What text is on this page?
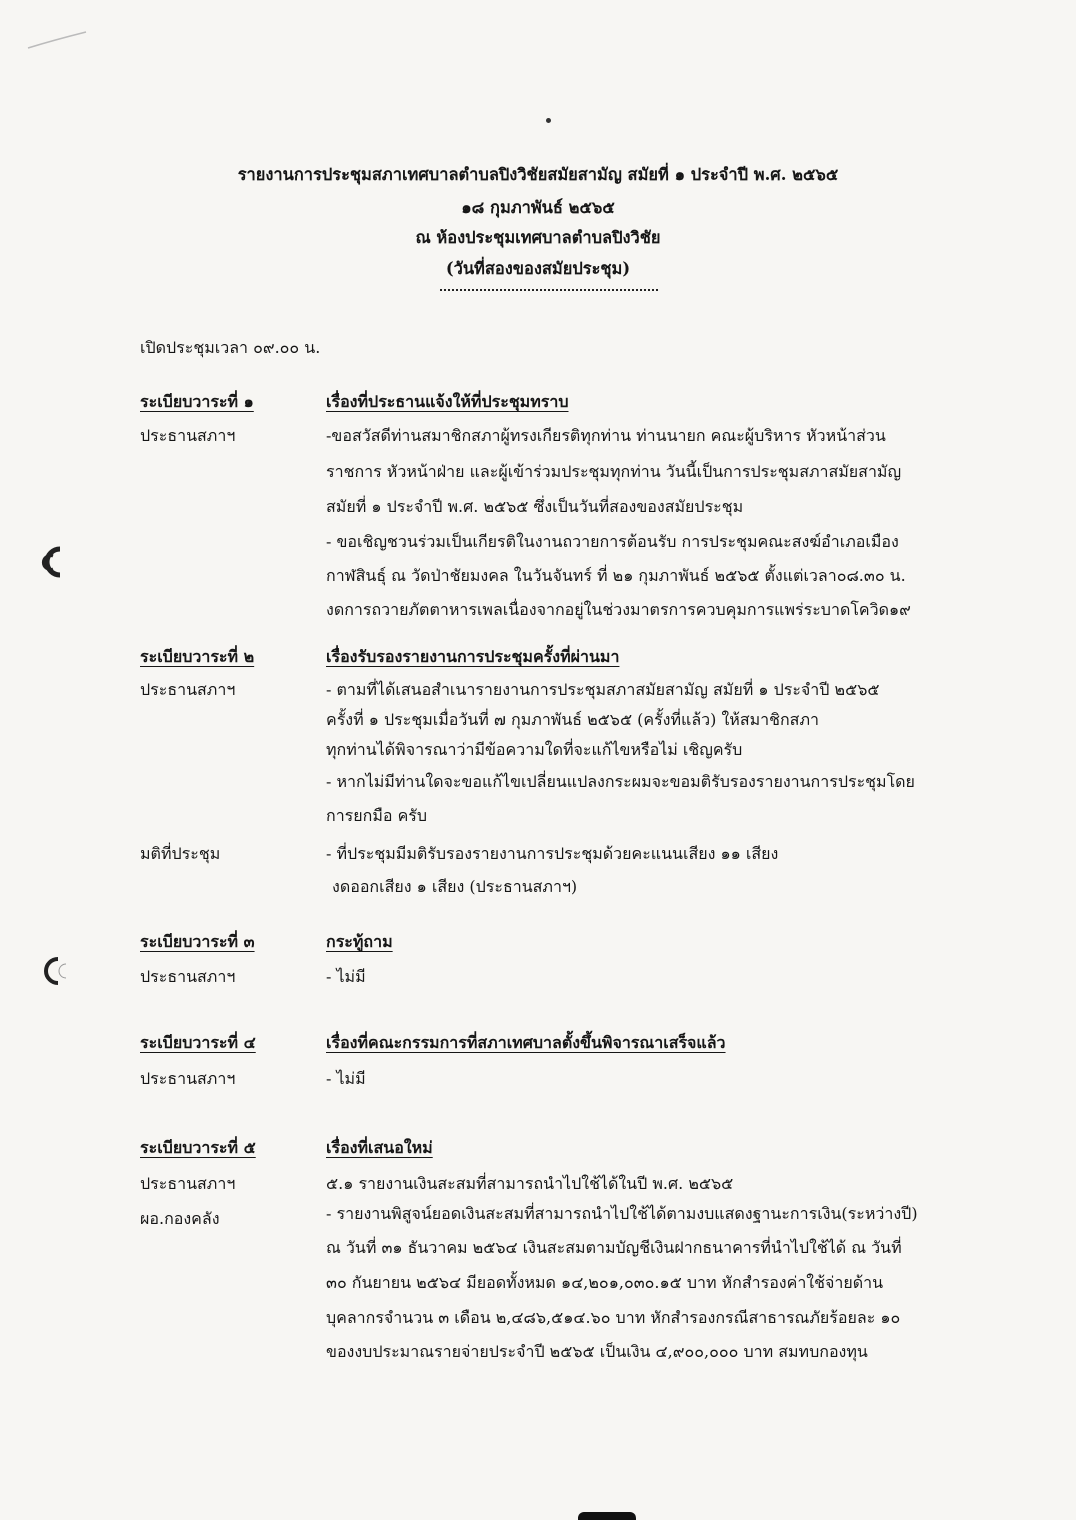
รายงานการประชุมสภาเทศบาลตำบลปิงวิชัยสมัยสามัญ สมัยที่ ๑ ประจำปี พ.ศ. ๒๕๖๕
๑๘ กุมภาพันธ์ ๒๕๖๕
ณ ห้องประชุมเทศบาลตำบลปิงวิชัย
(วันที่สองของสมัยประชุม)
เปิดประชุมเวลา ๐๙.๐๐ น.
ระเบียบวาระที่ ๑	เรื่องที่ประธานแจ้งให้ที่ประชุมทราบ
ประธานสภาฯ	-ขอสวัสดีท่านสมาชิกสภาผู้ทรงเกียรติทุกท่าน ท่านนายก คณะผู้บริหาร หัวหน้าส่วน
ราชการ หัวหน้าฝ่าย และผู้เข้าร่วมประชุมทุกท่าน วันนี้เป็นการประชุมสภาสมัยสามัญ
สมัยที่ ๑ ประจำปี พ.ศ. ๒๕๖๕ ซึ่งเป็นวันที่สองของสมัยประชุม
- ขอเชิญชวนร่วมเป็นเกียรติในงานถวายการต้อนรับ การประชุมคณะสงฆ์อำเภอเมือง
กาฬสินธุ์ ณ วัดป่าชัยมงคล ในวันจันทร์ ที่ ๒๑ กุมภาพันธ์ ๒๕๖๕ ตั้งแต่เวลา๐๘.๓๐ น.
งดการถวายภัตตาหารเพลเนื่องจากอยู่ในช่วงมาตรการควบคุมการแพร่ระบาดโควิด๑๙
ระเบียบวาระที่ ๒	เรื่องรับรองรายงานการประชุมครั้งที่ผ่านมา
ประธานสภาฯ	- ตามที่ได้เสนอสำเนารายงานการประชุมสภาสมัยสามัญ สมัยที่ ๑ ประจำปี ๒๕๖๕
ครั้งที่ ๑ ประชุมเมื่อวันที่ ๗ กุมภาพันธ์ ๒๕๖๕ (ครั้งที่แล้ว) ให้สมาชิกสภา
ทุกท่านได้พิจารณาว่ามีข้อความใดที่จะแก้ไขหรือไม่ เชิญครับ
- หากไม่มีท่านใดจะขอแก้ไขเปลี่ยนแปลงกระผมจะขอมติรับรองรายงานการประชุมโดย
การยกมือ ครับ
มติที่ประชุม	- ที่ประชุมมีมติรับรองรายงานการประชุมด้วยคะแนนเสียง ๑๑ เสียง
งดออกเสียง ๑ เสียง (ประธานสภาฯ)
ระเบียบวาระที่ ๓	กระทู้ถาม
ประธานสภาฯ	- ไม่มี
ระเบียบวาระที่ ๔	เรื่องที่คณะกรรมการที่สภาเทศบาลตั้งขึ้นพิจารณาเสร็จแล้ว
ประธานสภาฯ	- ไม่มี
ระเบียบวาระที่ ๕	เรื่องที่เสนอใหม่
ประธานสภาฯ	๕.๑ รายงานเงินสะสมที่สามารถนำไปใช้ได้ในปี พ.ศ. ๒๕๖๕
ผอ.กองคลัง	- รายงานพิสูจน์ยอดเงินสะสมที่สามารถนำไปใช้ได้ตามงบแสดงฐานะการเงิน(ระหว่างปี)
ณ วันที่ ๓๑ ธันวาคม ๒๕๖๔ เงินสะสมตามบัญชีเงินฝากธนาคารที่นำไปใช้ได้ ณ วันที่
๓๐ กันยายน ๒๕๖๔ มียอดทั้งหมด ๑๔,๒๐๑,๐๓๐.๑๕ บาท หักสำรองค่าใช้จ่ายด้าน
บุคลากรจำนวน ๓ เดือน ๒,๔๘๖,๕๑๔.๖๐ บาท หักสำรองกรณีสาธารณภัยร้อยละ ๑๐
ของงบประมาณรายจ่ายประจำปี ๒๕๖๕ เป็นเงิน ๔,๙๐๐,๐๐๐ บาท สมทบกองทุน
